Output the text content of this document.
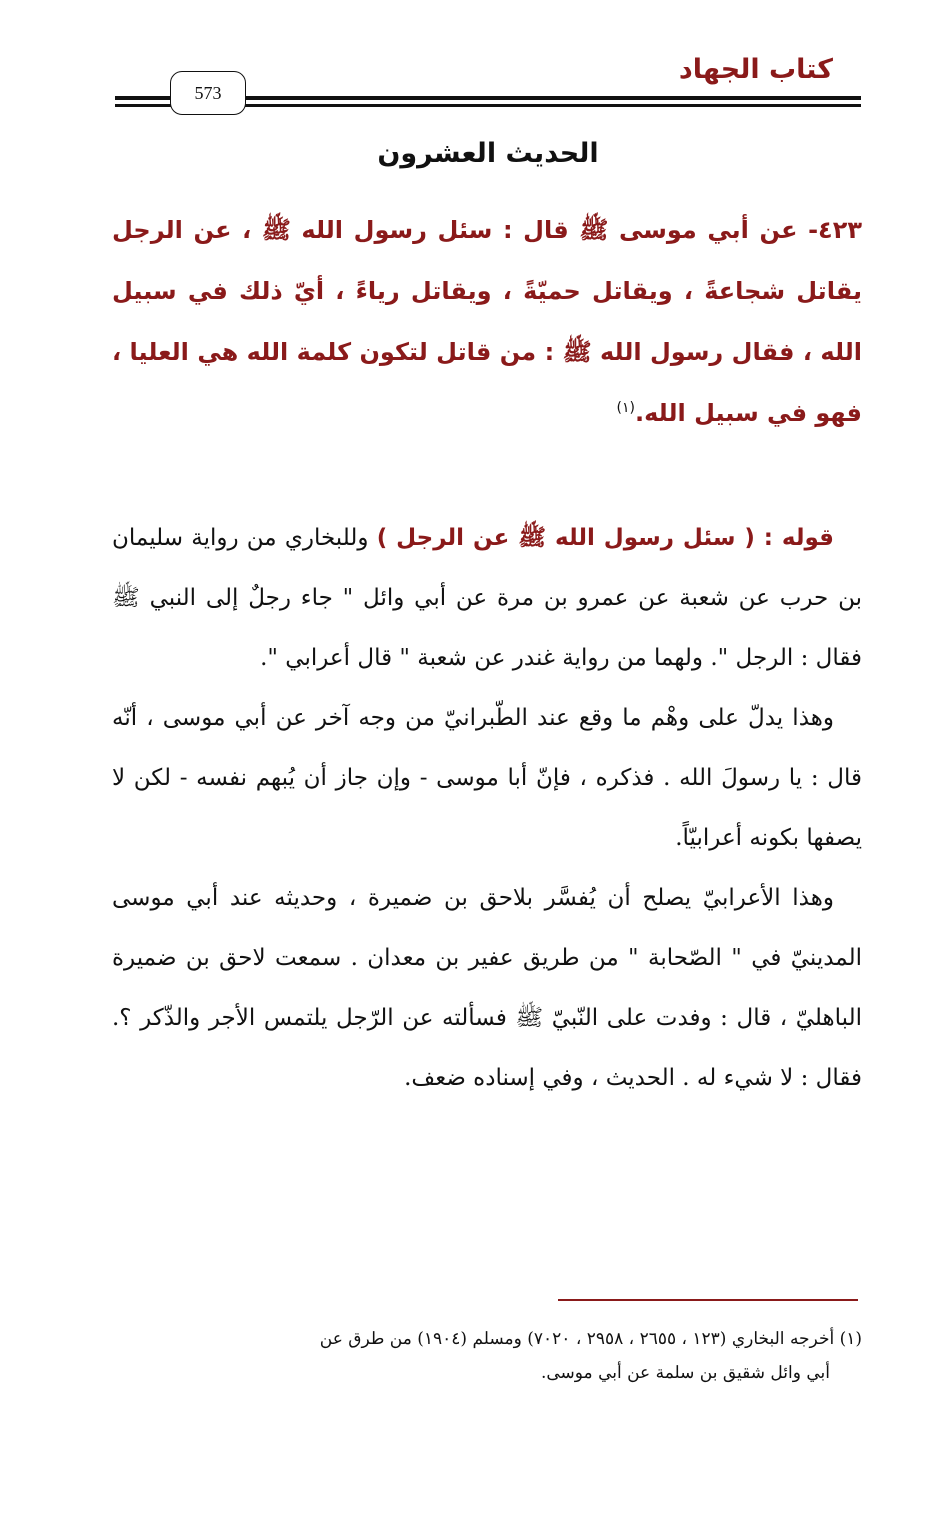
كتاب الجهاد
573
الحديث العشرون
٤٢٣- عن أبي موسى ﷺ قال : سئل رسول الله ﷺ ، عن الرجل يقاتل شجاعةً ، ويقاتل حميّةً ، ويقاتل رياءً ، أيّ ذلك في سبيل الله ، فقال رسول الله ﷺ : من قاتل لتكون كلمة الله هي العليا ، فهو في سبيل الله.$^{(١)}$

قوله : ( سئل رسول الله ﷺ عن الرجل ) وللبخاري من رواية سليمان بن حرب عن شعبة عن عمرو بن مرة عن أبي وائل " جاء رجلٌ إلى النبي ﷺ فقال : الرجل ". ولهما من رواية غندر عن شعبة " قال أعرابي ".

وهذا يدلّ على وهْم ما وقع عند الطّبرانيّ من وجه آخر عن أبي موسى ، أنّه قال : يا رسولَ الله . فذكره ، فإنّ أبا موسى - وإن جاز أن يُبهم نفسه - لكن لا يصفها بكونه أعرابيّاً.

وهذا الأعرابيّ يصلح أن يُفسَّر بلاحق بن ضميرة ، وحديثه عند أبي موسى المدينيّ في " الصّحابة " من طريق عفير بن معدان . سمعت لاحق بن ضميرة الباهليّ ، قال : وفدت على النّبيّ ﷺ فسألته عن الرّجل يلتمس الأجر والذّكر ؟. فقال : لا شيء له . الحديث ، وفي إسناده ضعف.

(١) أخرجه البخاري (١٢٣ ، ٢٦٥٥ ، ٢٩٥٨ ، ٧٠٢٠) ومسلم (١٩٠٤) من طرق عن
أبي وائل شقيق بن سلمة عن أبي موسى.
